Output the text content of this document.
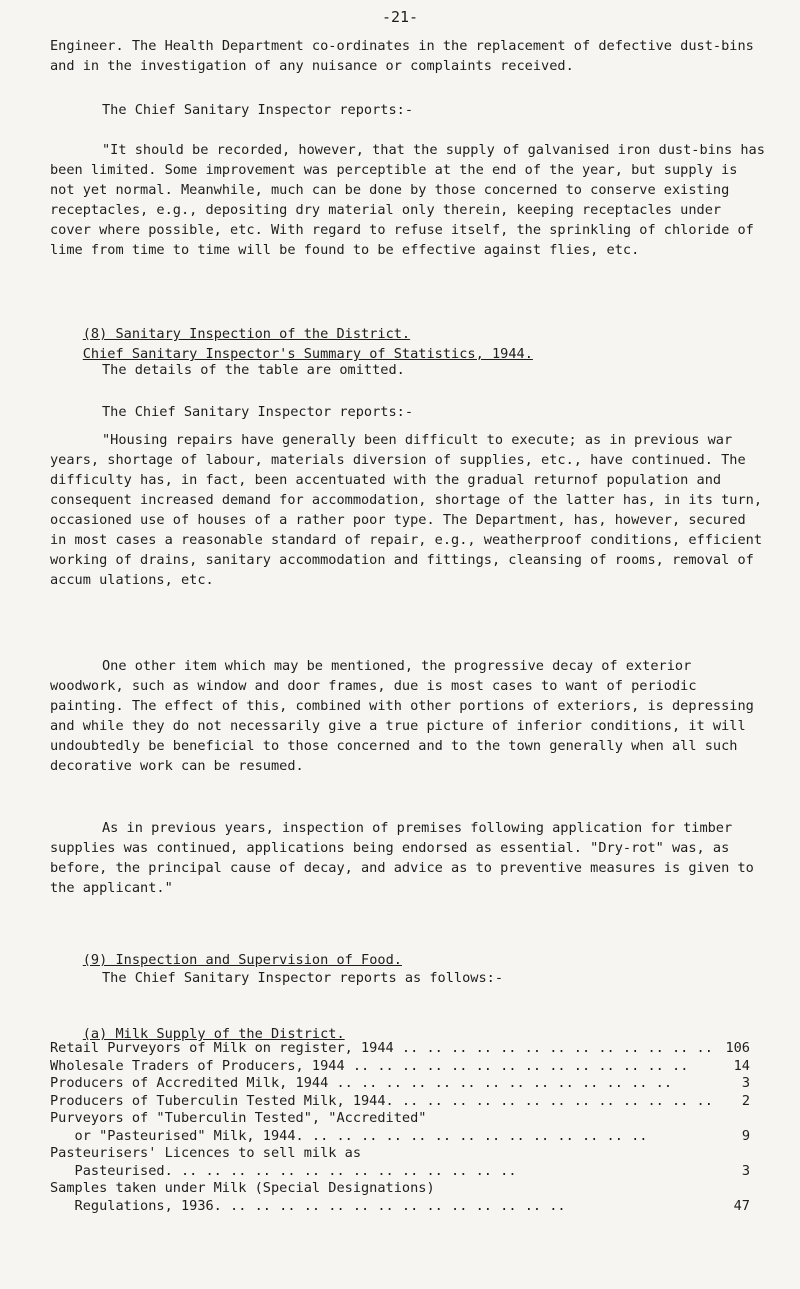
-21-
Engineer. The Health Department co-ordinates in the replacement of defective dust-bins and in the investigation of any nuisance or complaints received.
The Chief Sanitary Inspector reports:-
"It should be recorded, however, that the supply of galvanised iron dust-bins has been limited. Some improvement was perceptible at the end of the year, but supply is not yet normal. Meanwhile, much can be done by those concerned to conserve existing receptacles, e.g., depositing dry material only therein, keeping receptacles under cover where possible, etc. With regard to refuse itself, the sprinkling of chloride of lime from time to time will be found to be effective against flies, etc.

(8) Sanitary Inspection of the District.

Chief Sanitary Inspector's Summary of Statistics, 1944.

The details of the table are omitted.
The Chief Sanitary Inspector reports:-
"Housing repairs have generally been difficult to execute; as in previous war years, shortage of labour, materials diversion of supplies, etc., have continued. The difficulty has, in fact, been accentuated with the gradual returnof population and consequent increased demand for accommodation, shortage of the latter has, in its turn, occasioned use of houses of a rather poor type. The Department, has, however, secured in most cases a reasonable standard of repair, e.g., weatherproof conditions, efficient working of drains, sanitary accommodation and fittings, cleansing of rooms, removal of accum ulations, etc.
One other item which may be mentioned, the progressive decay of exterior woodwork, such as window and door frames, due is most cases to want of periodic painting. The effect of this, combined with other portions of exteriors, is depressing and while they do not necessarily give a true picture of inferior conditions, it will undoubtedly be beneficial to those concerned and to the town generally when all such decorative work can be resumed.
As in previous years, inspection of premises following application for timber supplies was continued, applications being endorsed as essential. "Dry-rot" was, as before, the principal cause of decay, and advice as to preventive measures is given to the applicant."

(9) Inspection and Supervision of Food.

The Chief Sanitary Inspector reports as follows:-

(a) Milk Supply of the District.

Retail Purveyors of Milk on register, 1944 .. ..	106
Wholesale Traders of Producers, 1944 .. ..	14
Producers of Accredited Milk, 1944 .. ..	3
Producers of Tuberculin Tested Milk, 1944. .. ..	2
Purveyors of "Tuberculin Tested", "Accredited"
or "Pasteurised" Milk, 1944. .. ..	9
Pasteurisers' Licences to sell milk as
Pasteurised. .. ..	3
Samples taken under Milk (Special Designations)
Regulations, 1936. .. ..	47
